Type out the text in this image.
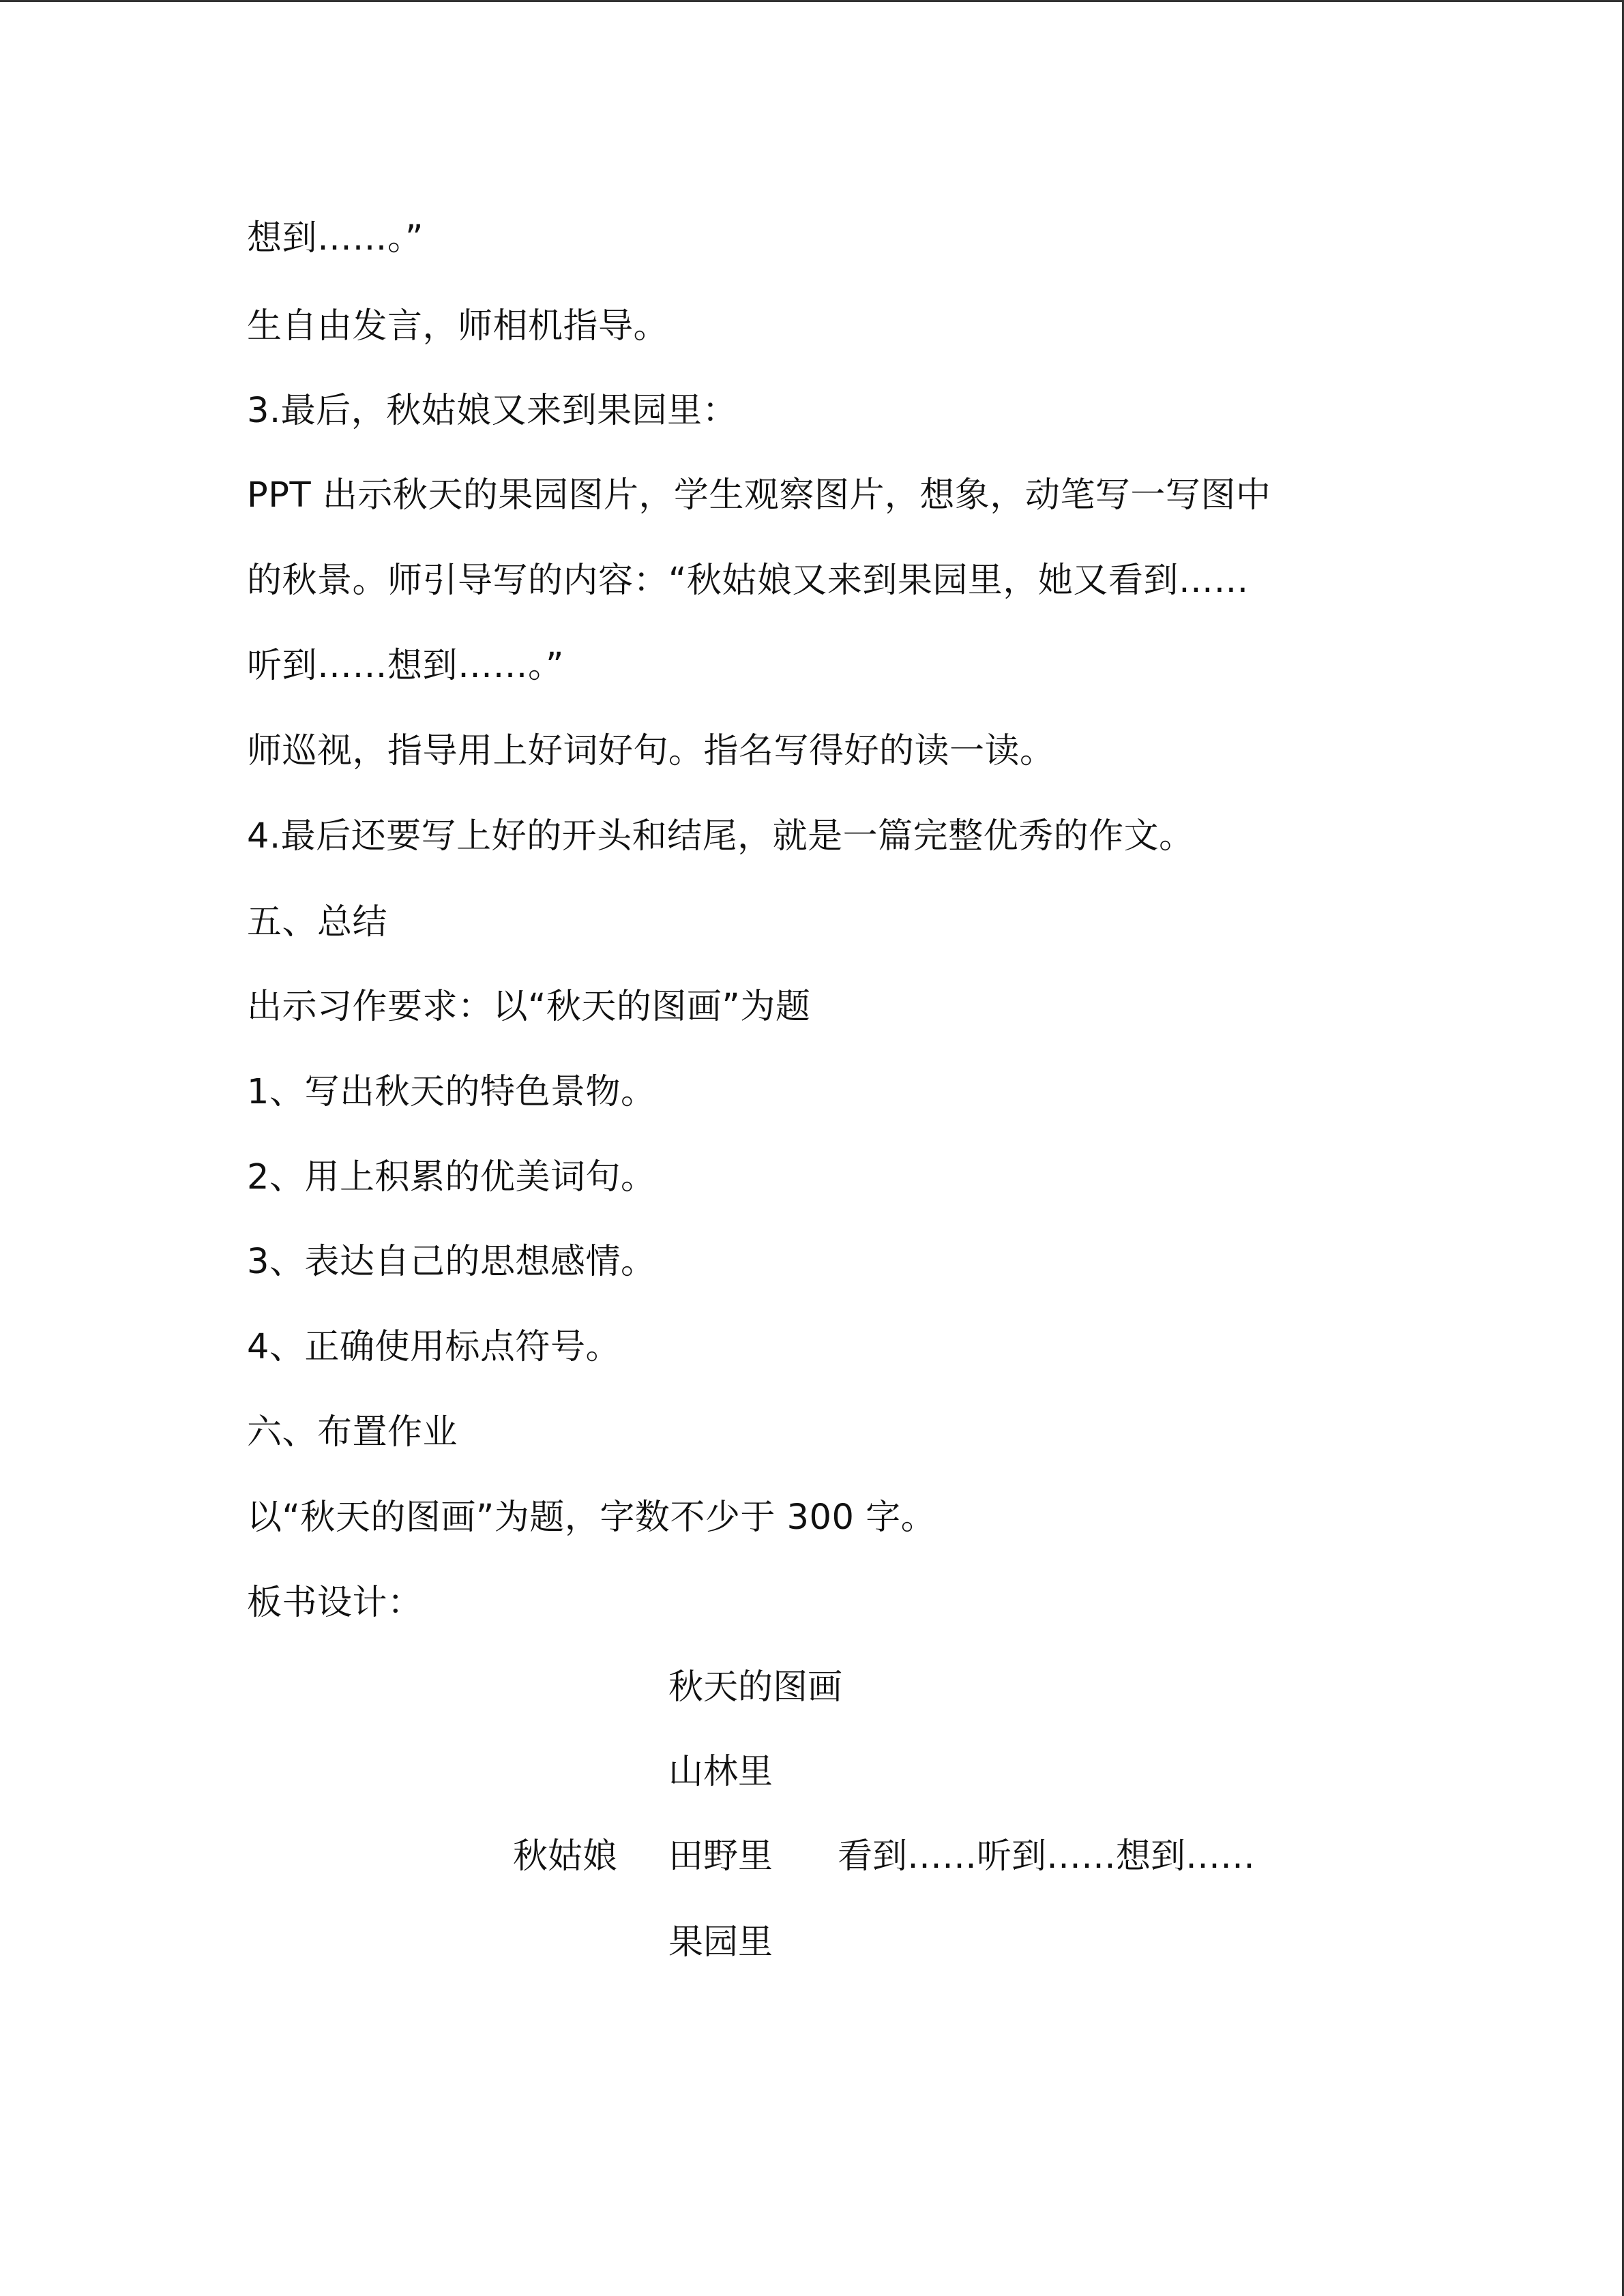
想到……。”
生自由发言，师相机指导。
3.最后，秋姑娘又来到果园里：
PPT 出示秋天的果园图片，学生观察图片，想象，动笔写一写图中
的秋景。师引导写的内容：“秋姑娘又来到果园里，她又看到……
听到……想到……。”
师巡视，指导用上好词好句。指名写得好的读一读。
4.最后还要写上好的开头和结尾，就是一篇完整优秀的作文。
五、总结
出示习作要求：以“秋天的图画”为题
1、写出秋天的特色景物。
2、用上积累的优美词句。
3、表达自己的思想感情。
4、正确使用标点符号。
六、布置作业
以“秋天的图画”为题，字数不少于 300 字。
板书设计：
秋天的图画
山林里
秋姑娘 田野里 看到……听到……想到……
果园里
